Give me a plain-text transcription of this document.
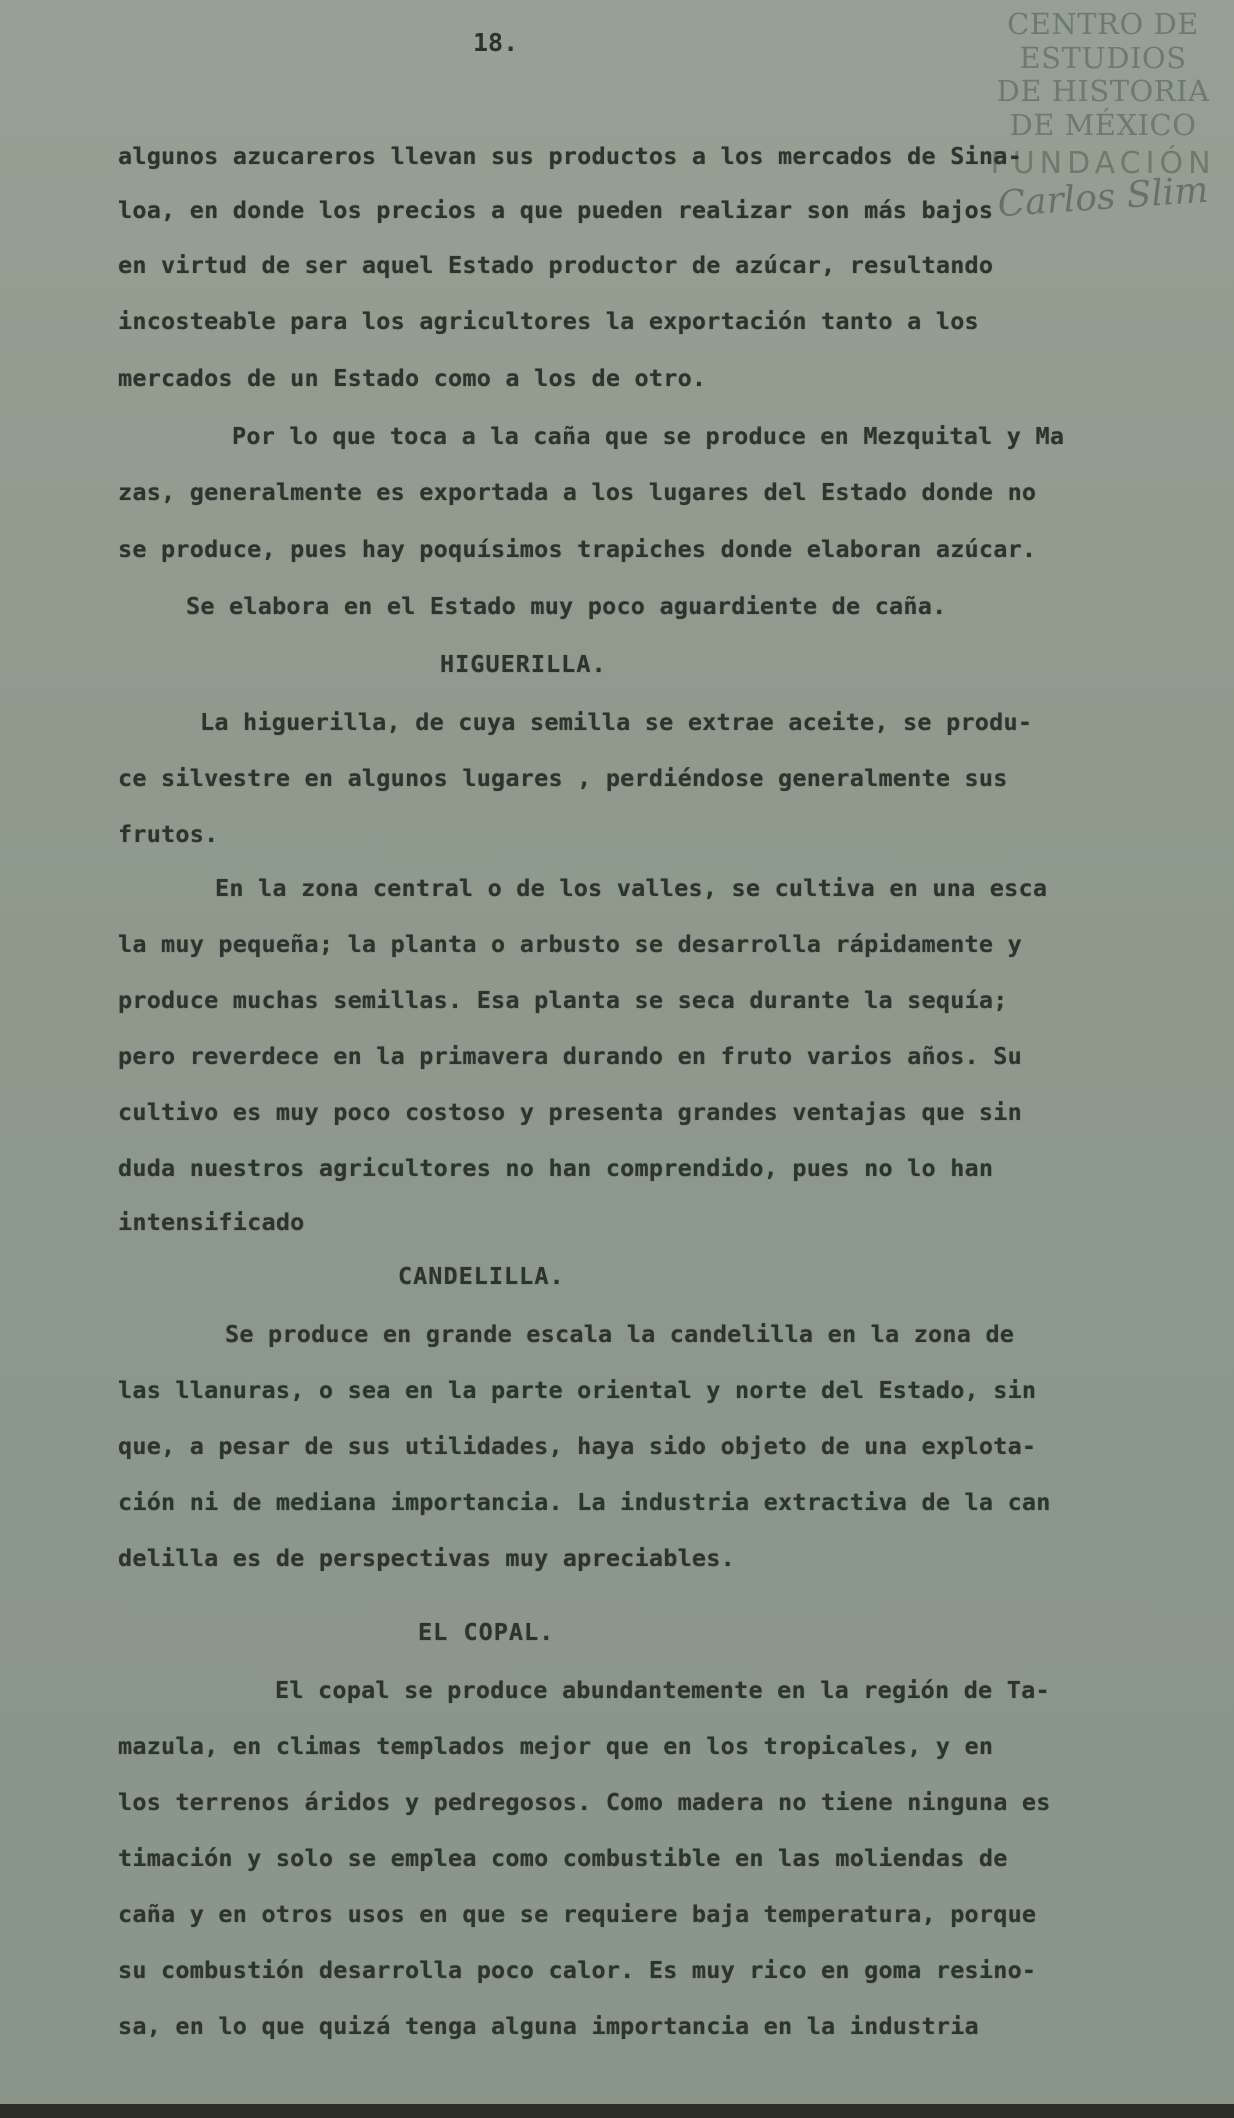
CENTRO DE
ESTUDIOS
DE HISTORIA
DE MÉXICO
FUNDACIÓN
Carlos Slim
18.
algunos azucareros llevan sus productos a los mercados de Sina-
loa, en donde los precios a que pueden realizar son más bajos
en virtud de ser aquel Estado productor de azúcar, resultando
incosteable para los agricultores la exportación tanto a los
mercados de un Estado como a los de otro.
Por lo que toca a la caña que se produce en Mezquital y Ma
zas, generalmente es exportada a los lugares del Estado donde no
se produce, pues hay poquísimos trapiches donde elaboran azúcar.
Se elabora en el Estado muy poco aguardiente de caña.
HIGUERILLA.
La higuerilla, de cuya semilla se extrae aceite, se produ-
ce silvestre en algunos lugares , perdiéndose generalmente sus
frutos.
En la zona central o de los valles, se cultiva en una esca
la muy pequeña; la planta o arbusto se desarrolla rápidamente y
produce muchas semillas. Esa planta se seca durante la sequía;
pero reverdece en la primavera durando en fruto varios años. Su
cultivo es muy poco costoso y presenta grandes ventajas que sin
duda nuestros agricultores no han comprendido, pues no lo han
intensificado
CANDELILLA.
Se produce en grande escala la candelilla en la zona de
las llanuras, o sea en la parte oriental y norte del Estado, sin
que, a pesar de sus utilidades, haya sido objeto de una explota-
ción ni de mediana importancia. La industria extractiva de la can
delilla es de perspectivas muy apreciables.
EL COPAL.
El copal se produce abundantemente en la región de Ta-
mazula, en climas templados mejor que en los tropicales, y en
los terrenos áridos y pedregosos. Como madera no tiene ninguna es
timación y solo se emplea como combustible en las moliendas de
caña y en otros usos en que se requiere baja temperatura, porque
su combustión desarrolla poco calor. Es muy rico en goma resino-
sa, en lo que quizá tenga alguna importancia en la industria
